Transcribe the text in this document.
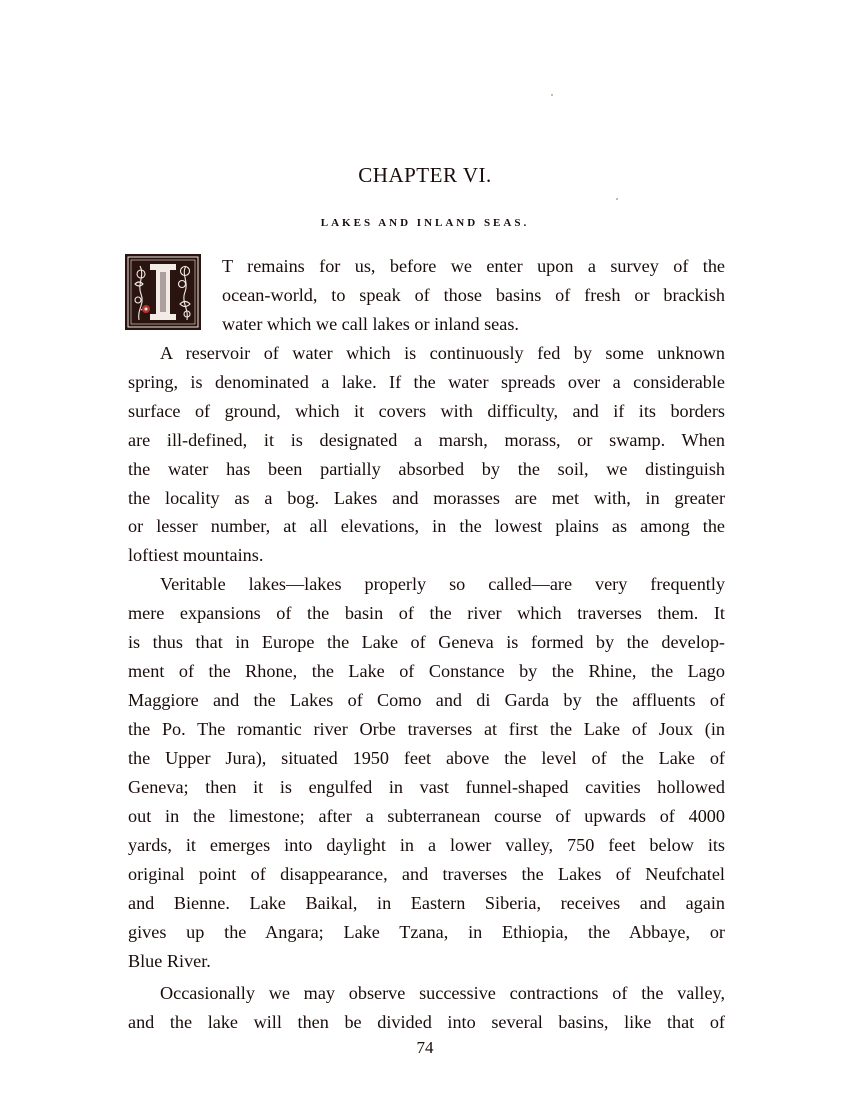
CHAPTER VI.
LAKES AND INLAND SEAS.
T remains for us, before we enter upon a survey of the
ocean-world, to speak of those basins of fresh or brackish
water which we call lakes or inland seas.
A reservoir of water which is continuously fed by some unknown
spring, is denominated a lake. If the water spreads over a considerable
surface of ground, which it covers with difficulty, and if its borders
are ill-defined, it is designated a marsh, morass, or swamp. When
the water has been partially absorbed by the soil, we distinguish
the locality as a bog. Lakes and morasses are met with, in greater
or lesser number, at all elevations, in the lowest plains as among the
loftiest mountains.
Veritable lakes—lakes properly so called—are very frequently
mere expansions of the basin of the river which traverses them. It
is thus that in Europe the Lake of Geneva is formed by the develop-
ment of the Rhone, the Lake of Constance by the Rhine, the Lago
Maggiore and the Lakes of Como and di Garda by the affluents of
the Po. The romantic river Orbe traverses at first the Lake of Joux (in
the Upper Jura), situated 1950 feet above the level of the Lake of
Geneva; then it is engulfed in vast funnel-shaped cavities hollowed
out in the limestone; after a subterranean course of upwards of 4000
yards, it emerges into daylight in a lower valley, 750 feet below its
original point of disappearance, and traverses the Lakes of Neufchatel
and Bienne. Lake Baikal, in Eastern Siberia, receives and again
gives up the Angara; Lake Tzana, in Ethiopia, the Abbaye, or
Blue River.
Occasionally we may observe successive contractions of the valley,
and the lake will then be divided into several basins, like that of
74
